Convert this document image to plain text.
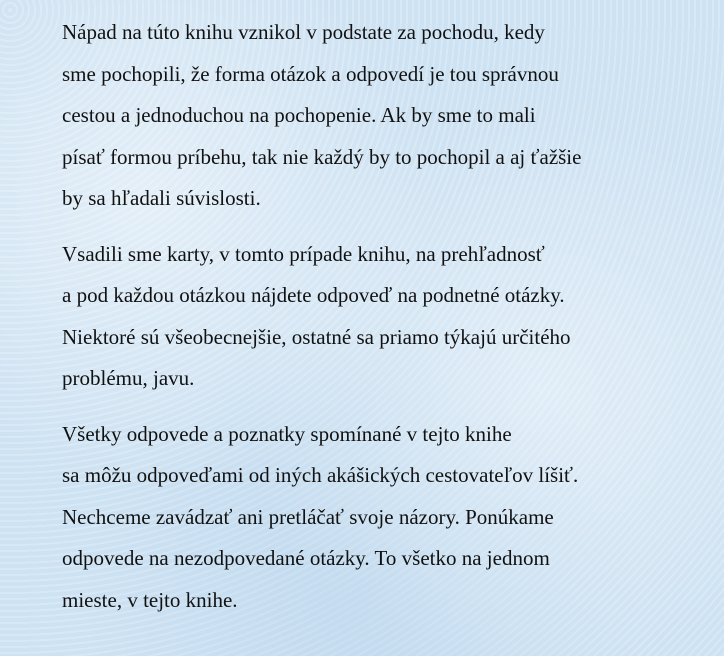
Nápad na túto knihu vznikol v podstate za pochodu, kedy
sme pochopili, že forma otázok a odpovedí je tou správnou
cestou a jednoduchou na pochopenie. Ak by sme to mali
písať formou príbehu, tak nie každý by to pochopil a aj ťažšie
by sa hľadali súvislosti.

Vsadili sme karty, v tomto prípade knihu, na prehľadnosť
a pod každou otázkou nájdete odpoveď na podnetné otázky.
Niektoré sú všeobecnejšie, ostatné sa priamo týkajú určitého
problému, javu.

Všetky odpovede a poznatky spomínané v tejto knihe
sa môžu odpoveďami od iných akášických cestovateľov líšiť.
Nechceme zavádzať ani pretláčať svoje názory. Ponúkame
odpovede na nezodpovedané otázky. To všetko na jednom
mieste, v tejto knihe.
